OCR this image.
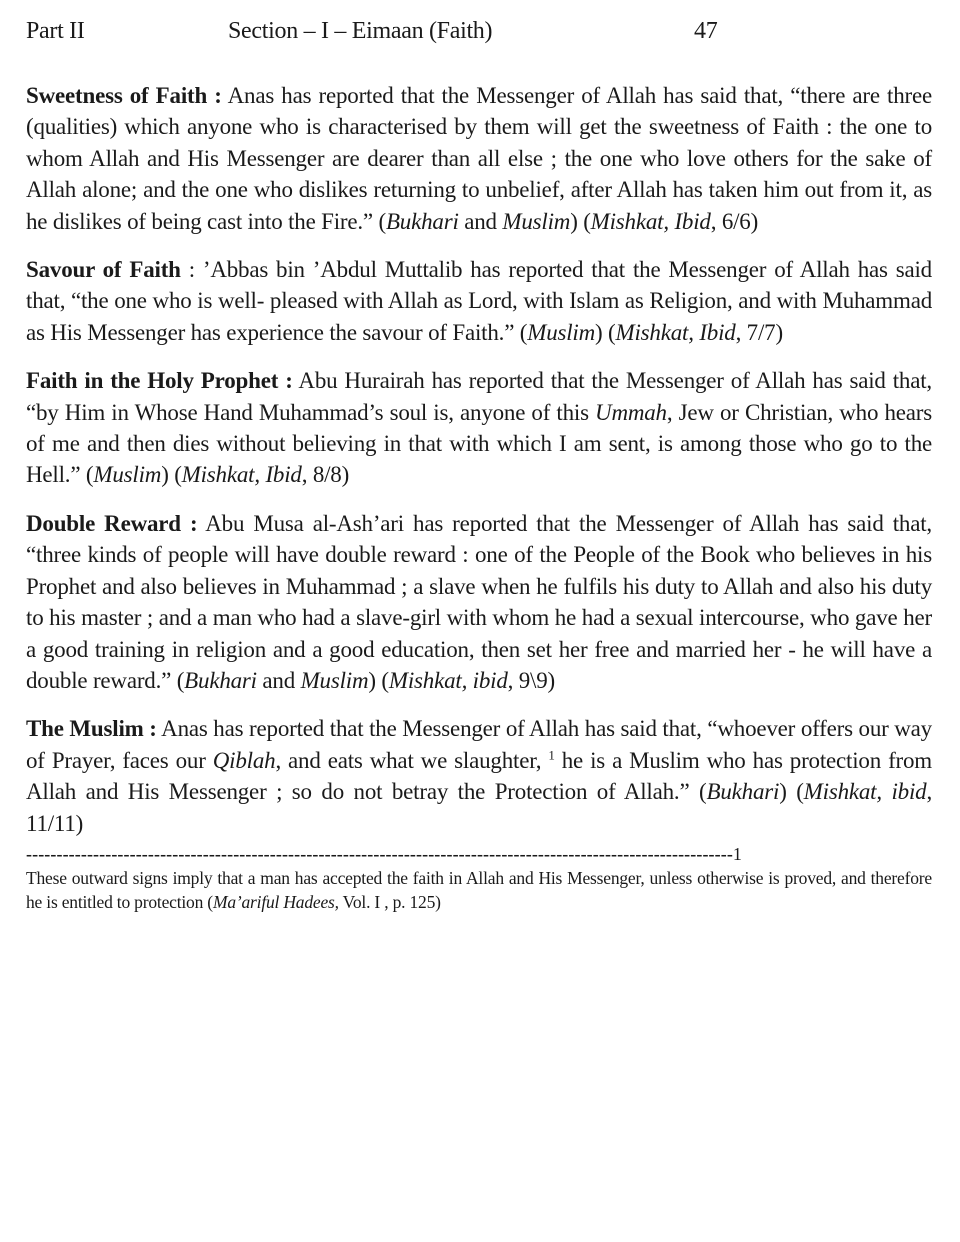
Part II	Section – I – Eimaan (Faith)	47

Sweetness of Faith : Anas has reported that the Messenger of Allah has said that, “there are three (qualities) which anyone who is characterised by them will get the sweetness of Faith : the one to whom Allah and His Messenger are dearer than all else ; the one who love others for the sake of Allah alone; and the one who dislikes returning to unbelief, after Allah has taken him out from it, as he dislikes of being cast into the Fire.” (Bukhari and Muslim) (Mishkat, Ibid, 6/6)

Savour of Faith : ’Abbas bin ’Abdul Muttalib has reported that the Messenger of Allah has said that, “the one who is well- pleased with Allah as Lord, with Islam as Religion, and with Muhammad as His Messenger has experience the savour of Faith.” (Muslim) (Mishkat, Ibid, 7/7)

Faith in the Holy Prophet : Abu Hurairah has reported that the Messenger of Allah has said that, “by Him in Whose Hand Muhammad’s soul is, anyone of this Ummah, Jew or Christian, who hears of me and then dies without believing in that with which I am sent, is among those who go to the Hell.” (Muslim) (Mishkat, Ibid, 8/8)

Double Reward : Abu Musa al-Ash’ari has reported that the Messenger of Allah has said that, “three kinds of people will have double reward : one of the People of the Book who believes in his Prophet and also believes in Muhammad ; a slave when he fulfils his duty to Allah and also his duty to his master ; and a man who had a slave-girl with whom he had a sexual intercourse, who gave her a good training in religion and a good education, then set her free and married her - he will have a double reward.” (Bukhari and Muslim) (Mishkat, ibid, 9\9)

The Muslim : Anas has reported that the Messenger of Allah has said that, “whoever offers our way of Prayer, faces our Qiblah, and eats what we slaughter, $^1$ he is a Muslim who has protection from Allah and His Messenger ; so do not betray the Protection of Allah.” (Bukhari) (Mishkat, ibid, 11/11)

--------------------------------------------------------------------------------------------------------------------1
These outward signs imply that a man has accepted the faith in Allah and His Messenger, unless otherwise is proved, and therefore he is entitled to protection (Ma’ariful Hadees, Vol. I , p. 125)
